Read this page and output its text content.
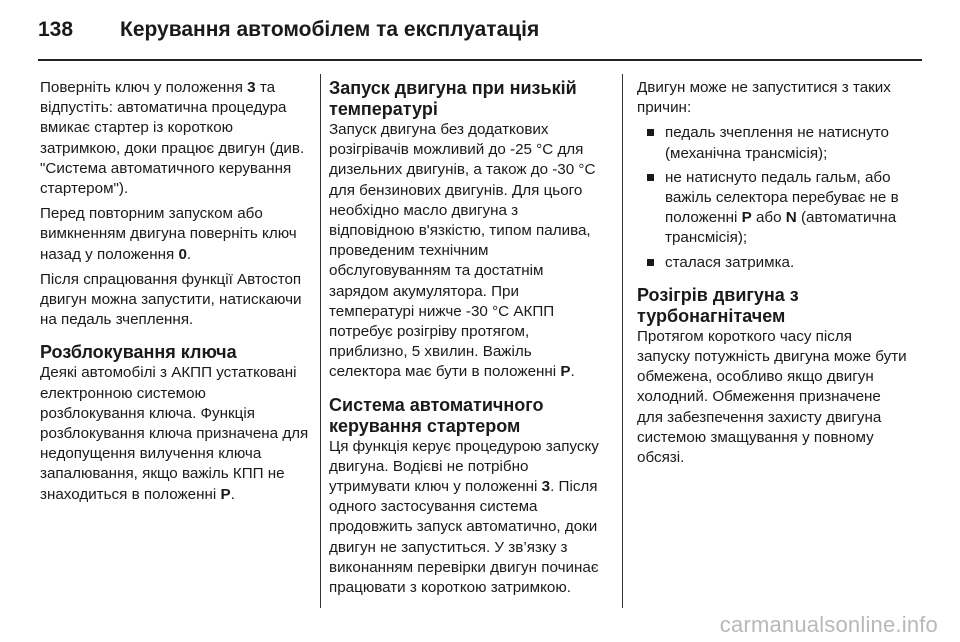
138 Керування автомобілем та експлуатація

Поверніть ключ у положення 3 та відпустіть: автоматична процедура вмикає стартер із короткою затримкою, доки працює двигун (див. "Система автоматичного керування стартером").

Перед повторним запуском або вимкненням двигуна поверніть ключ назад у положення 0.

Після спрацювання функції Автостоп двигун можна запустити, натискаючи на педаль зчеплення.

Розблокування ключа

Деякі автомобілі з АКПП устатковані електронною системою розблокування ключа. Функція розблокування ключа призначена для недопущення вилучення ключа запалювання, якщо важіль КПП не знаходиться в положенні P.

Запуск двигуна при низькій температурі

Запуск двигуна без додаткових розігрівачів можливий до -25 °C для дизельних двигунів, а також до -30 °C для бензинових двигунів. Для цього необхідно масло двигуна з відповідною в'язкістю, типом палива, проведеним технічним обслуговуванням та достатнім зарядом акумулятора. При температурі нижче -30 °C АКПП потребує розігріву протягом, приблизно, 5 хвилин. Важіль селектора має бути в положенні P.

Система автоматичного керування стартером

Ця функція керує процедурою запуску двигуна. Водієві не потрібно утримувати ключ у положенні 3. Після одного застосування система продовжить запуск автоматично, доки двигун не запуститься. У зв’язку з виконанням перевірки двигун починає працювати з короткою затримкою.

Двигун може не запуститися з таких причин:

педаль зчеплення не натиснуто (механічна трансмісія);
не натиснуто педаль гальм, або важіль селектора перебуває не в положенні P або N (автоматична трансмісія);
сталася затримка.
Розігрів двигуна з турбонагнітачем

Протягом короткого часу після запуску потужність двигуна може бути обмежена, особливо якщо двигун холодний. Обмеження призначене для забезпечення захисту двигуна системою змащування у повному обсязі.

carmanualsonline.info
